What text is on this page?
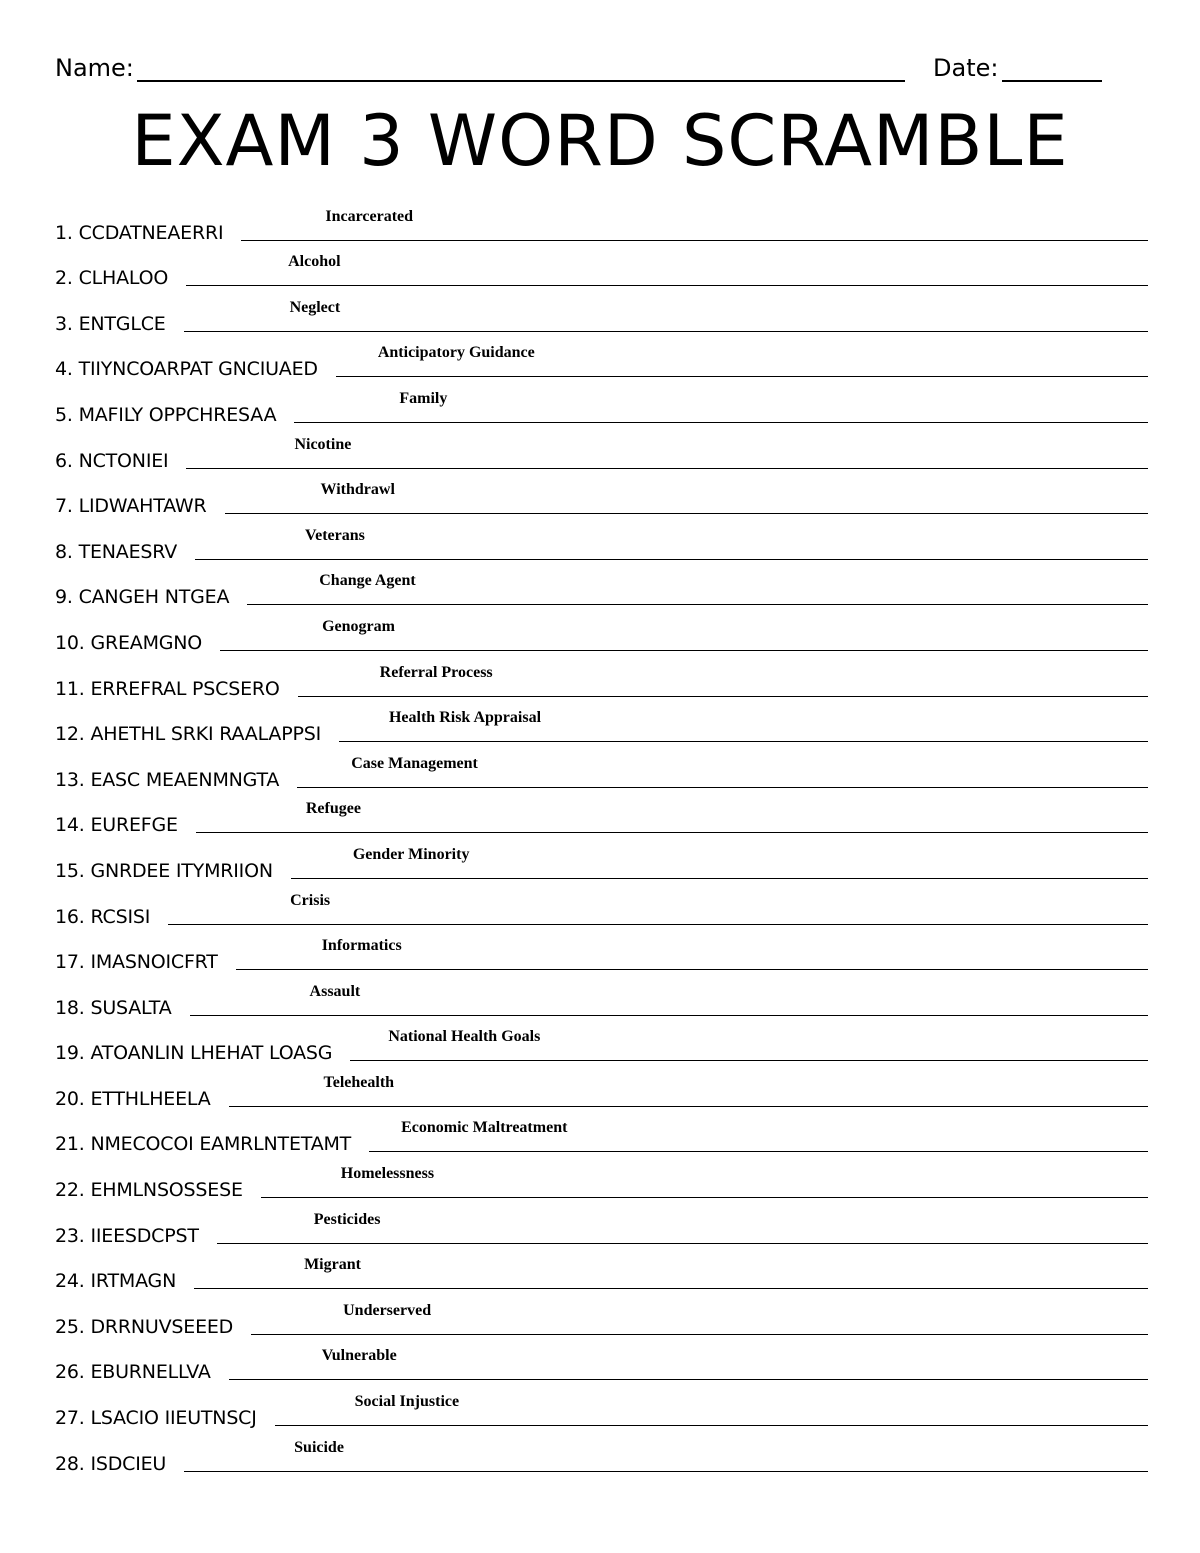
Name:	Date:
EXAM 3 WORD SCRAMBLE
1. CCDATNEAERRI
Incarcerated
2. CLHALOO
Alcohol
3. ENTGLCE
Neglect
4. TIIYNCOARPAT GNCIUAED
Anticipatory Guidance
5. MAFILY OPPCHRESAA
Family
6. NCTONIEI
Nicotine
7. LIDWAHTAWR
Withdrawl
8. TENAESRV
Veterans
9. CANGEH NTGEA
Change Agent
10. GREAMGNO
Genogram
11. ERREFRAL PSCSERO
Referral Process
12. AHETHL SRKI RAALAPPSI
Health Risk Appraisal
13. EASC MEAENMNGTA
Case Management
14. EUREFGE
Refugee
15. GNRDEE ITYMRIION
Gender Minority
16. RCSISI
Crisis
17. IMASNOICFRT
Informatics
18. SUSALTA
Assault
19. ATOANLIN LHEHAT LOASG
National Health Goals
20. ETTHLHEELA
Telehealth
21. NMECOCOI EAMRLNTETAMT
Economic Maltreatment
22. EHMLNSOSSESE
Homelessness
23. IIEESDCPST
Pesticides
24. IRTMAGN
Migrant
25. DRRNUVSEEED
Underserved
26. EBURNELLVA
Vulnerable
27. LSACIO IIEUTNSCJ
Social Injustice
28. ISDCIEU
Suicide
